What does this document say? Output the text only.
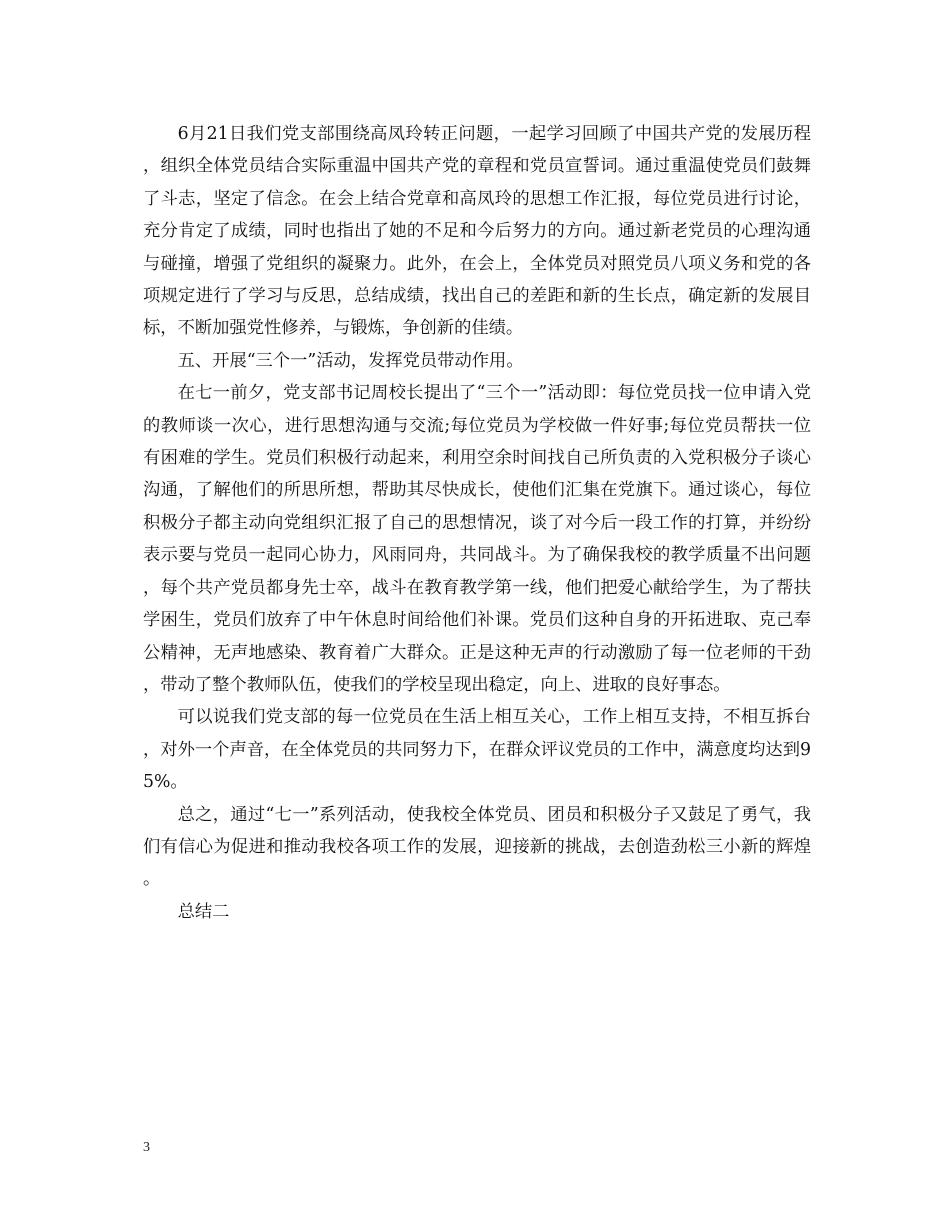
6月21日我们党支部围绕高凤玲转正问题，一起学习回顾了中国共产党的发展历程，组织全体党员结合实际重温中国共产党的章程和党员宣誓词。通过重温使党员们鼓舞了斗志，坚定了信念。在会上结合党章和高凤玲的思想工作汇报，每位党员进行讨论，充分肯定了成绩，同时也指出了她的不足和今后努力的方向。通过新老党员的心理沟通与碰撞，增强了党组织的凝聚力。此外，在会上，全体党员对照党员八项义务和党的各项规定进行了学习与反思，总结成绩，找出自己的差距和新的生长点，确定新的发展目标，不断加强党性修养，与锻炼，争创新的佳绩。

五、开展“三个一”活动，发挥党员带动作用。

在七一前夕，党支部书记周校长提出了“三个一”活动即：每位党员找一位申请入党的教师谈一次心，进行思想沟通与交流;每位党员为学校做一件好事;每位党员帮扶一位有困难的学生。党员们积极行动起来，利用空余时间找自己所负责的入党积极分子谈心沟通，了解他们的所思所想，帮助其尽快成长，使他们汇集在党旗下。通过谈心，每位积极分子都主动向党组织汇报了自己的思想情况，谈了对今后一段工作的打算，并纷纷表示要与党员一起同心协力，风雨同舟，共同战斗。为了确保我校的教学质量不出问题，每个共产党员都身先士卒，战斗在教育教学第一线，他们把爱心献给学生，为了帮扶学困生，党员们放弃了中午休息时间给他们补课。党员们这种自身的开拓进取、克己奉公精神，无声地感染、教育着广大群众。正是这种无声的行动激励了每一位老师的干劲，带动了整个教师队伍，使我们的学校呈现出稳定，向上、进取的良好事态。

可以说我们党支部的每一位党员在生活上相互关心，工作上相互支持，不相互拆台，对外一个声音，在全体党员的共同努力下，在群众评议党员的工作中，满意度均达到95%。

总之，通过“七一”系列活动，使我校全体党员、团员和积极分子又鼓足了勇气，我们有信心为促进和推动我校各项工作的发展，迎接新的挑战，去创造劲松三小新的辉煌。

总结二

3
